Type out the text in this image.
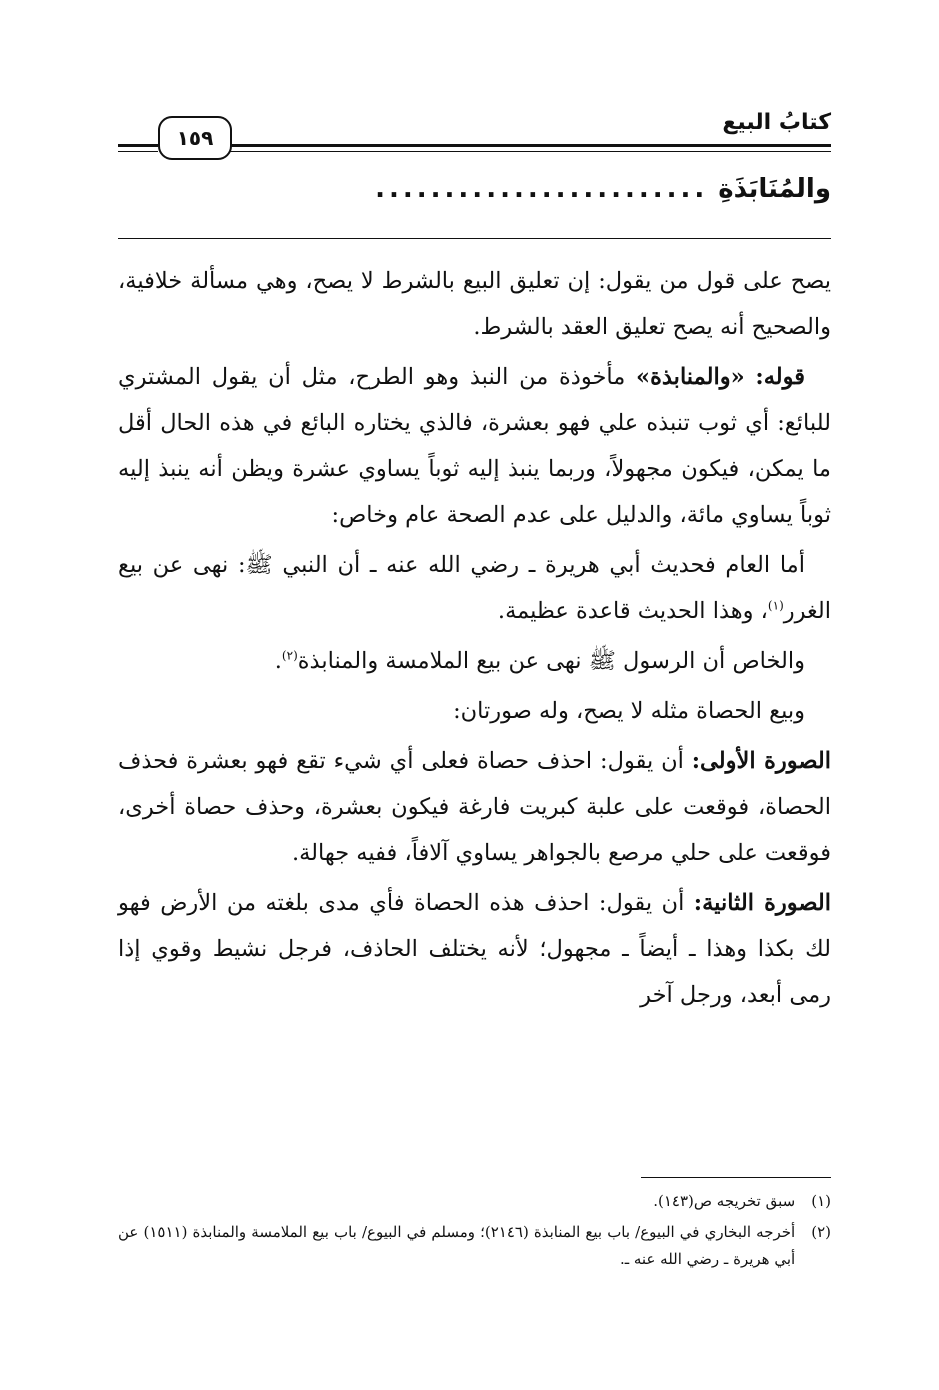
١٥٩
كتابُ البيع
والمُنَابَذَةِ
........................

يصح على قول من يقول: إن تعليق البيع بالشرط لا يصح، وهي مسألة خلافية، والصحيح أنه يصح تعليق العقد بالشرط.

قوله: «والمنابذة» مأخوذة من النبذ وهو الطرح، مثل أن يقول المشتري للبائع: أي ثوب تنبذه علي فهو بعشرة، فالذي يختاره البائع في هذه الحال أقل ما يمكن، فيكون مجهولاً، وربما ينبذ إليه ثوباً يساوي عشرة ويظن أنه ينبذ إليه ثوباً يساوي مائة، والدليل على عدم الصحة عام وخاص:

أما العام فحديث أبي هريرة ـ رضي الله عنه ـ أن النبي ﷺ: نهى عن بيع الغرر$^{(١)}$، وهذا الحديث قاعدة عظيمة.

والخاص أن الرسول ﷺ نهى عن بيع الملامسة والمنابذة$^{(٢)}$.

وبيع الحصاة مثله لا يصح، وله صورتان:

الصورة الأولى: أن يقول: احذف حصاة فعلى أي شيء تقع فهو بعشرة فحذف الحصاة، فوقعت على علبة كبريت فارغة فيكون بعشرة، وحذف حصاة أخرى، فوقعت على حلي مرصع بالجواهر يساوي آلافاً، ففيه جهالة.

الصورة الثانية: أن يقول: احذف هذه الحصاة فأي مدى بلغته من الأرض فهو لك بكذا وهذا ـ أيضاً ـ مجهول؛ لأنه يختلف الحاذف، فرجل نشيط وقوي إذا رمى أبعد، ورجل آخر

(١)
سبق تخريجه ص(١٤٣).
(٢)
أخرجه البخاري في البيوع/ باب بيع المنابذة (٢١٤٦)؛ ومسلم في البيوع/ باب بيع الملامسة والمنابذة (١٥١١) عن أبي هريرة ـ رضي الله عنه ـ.
